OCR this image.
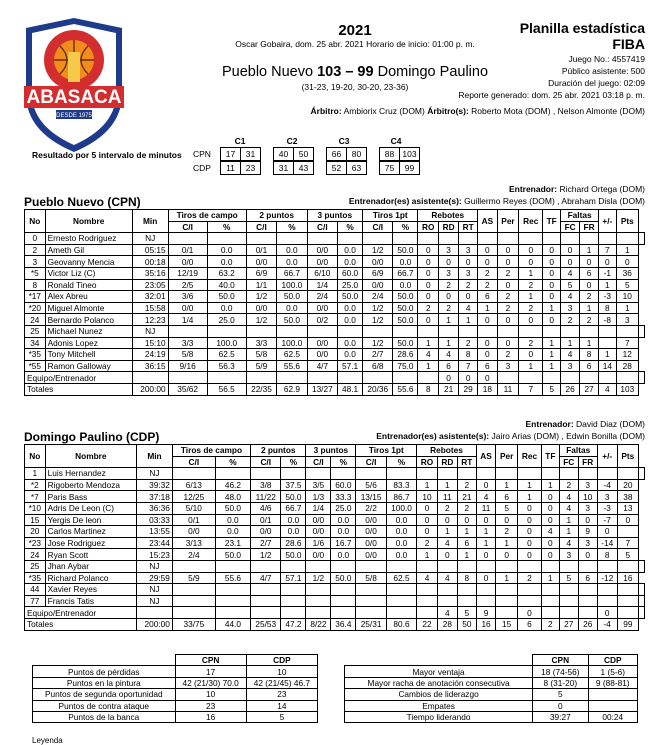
ABASACA
DESDE 1975
2021
Oscar Gobaira, dom. 25 abr. 2021 Horario de inicio: 01:00 p. m.
Planilla estadística
FIBA
Juego No.: 4557419
Público asistente: 500
Duración del juego: 02:09
Reporte generado: dom. 25 abr. 2021 03:18 p. m.
Pueblo Nuevo 103 – 99 Domingo Paulino
(31-23, 19-20, 30-20, 23-36)
Árbitro: Ambiorix Cruz (DOM) Árbitro(s): Roberto Mota (DOM) , Nelson Almonte (DOM)
Resultado por 5 intervalo de minutos
C1	C2	C3	C4
CPN
CDP
17	31	40	50	66	80	88 103
11	23	31	43	52	63	75	99
Entrenador: Richard Ortega (DOM)
Pueblo Nuevo (CPN)	Entrenador(es) asistente(s): Guillermo Reyes (DOM) , Abraham Disla (DOM)
No	Nombre	Min	Tiros de campo		2 puntos		3 puntos		Tiros 1pt		Rebotes			AS	Per	Rec	TF	Faltas		+/-	Pts	
			C/I	%	C/I	%	C/I	%	C/I	%	RO	RD	RT					FC	FR			
0	Ernesto Rodriguez	NJ																				
2	Ameth Gil	05:15	0/1	0.0	0/1	0.0	0/0	0.0	1/2	50.0	0	3	3	0	0	0	0	0	1	7	1	
3	Geovanny Mencia	00:18	0/0	0.0	0/0	0.0	0/0	0.0	0/0	0.0	0	0	0	0	0	0	0	0	0	0	0	
*5	Victor Liz (C)	35:16	12/19	63.2	6/9	66.7	6/10	60.0	6/9	66.7	0	3	3	2	2	1	0	4	6	-1	36	
8	Ronald Tineo	23:05	2/5	40.0	1/1	100.0	1/4	25.0	0/0	0.0	0	2	2	2	0	2	0	5	0	1	5	
*17	Alex Abreu	32:01	3/6	50.0	1/2	50.0	2/4	50.0	2/4	50.0	0	0	0	6	2	1	0	4	2	-3	10	
*20	Miguel Almonte	15:58	0/0	0.0	0/0	0.0	0/0	0.0	1/2	50.0	2	2	4	1	2	2	1	3	1	8	1	
24	Bernardo Polanco	12:23	1/4	25.0	1/2	50.0	0/2	0.0	1/2	50.0	0	1	1	0	0	0	0	2	2	-8	3	
25	Michael Nunez	NJ																				
34	Adonis Lopez	15:10	3/3	100.0	3/3	100.0	0/0	0.0	1/2	50.0	1	1	2	0	0	2	1	1	1		7	
*35	Tony Mitchell	24:19	5/8	62.5	5/8	62.5	0/0	0.0	2/7	28.6	4	4	8	0	2	0	1	4	8	1	12	
*55	Ramon Galloway	36:15	9/16	56.3	5/9	55.6	4/7	57.1	6/8	75.0	1	6	7	6	3	1	1	3	6	14	28	
Equipo/Entrenador												0	0	0								
Totales		200:00	35/62	56.5	22/35	62.9	13/27	48.1	20/36	55.6	8	21	29	18	11	7	5	26	27	4	103	
Entrenador: David Diaz (DOM)
Domingo Paulino (CDP)	Entrenador(es) asistente(s): Jairo Arias (DOM) , Edwin Bonilla (DOM)
No	Nombre	Min	Tiros de campo		2 puntos		3 puntos		Tiros 1pt		Rebotes			AS	Per	Rec	TF	Faltas		+/-	Pts	
			C/I	%	C/I	%	C/I	%	C/I	%	RO	RD	RT					FC	FR			
1	Luis Hernandez	NJ																				
*2	Rigoberto Mendoza	39:32	6/13	46.2	3/8	37.5	3/5	60.0	5/6	83.3	1	1	2	0	1	1	1	2	3	-4	20	
*7	Paris Bass	37:18	12/25	48.0	11/22	50.0	1/3	33.3	13/15	86.7	10	11	21	4	6	1	0	4	10	3	38	
*10	Adris De Leon (C)	36:36	5/10	50.0	4/6	66.7	1/4	25.0	2/2	100.0	0	2	2	11	5	0	0	4	3	-3	13	
15	Yergis De leon	03:33	0/1	0.0	0/1	0.0	0/0	0.0	0/0	0.0	0	0	0	0	0	0	0	1	0	-7	0	
20	Carlos Martinez	13:55	0/0	0.0	0/0	0.0	0/0	0.0	0/0	0.0	0	1	1	1	2	0	4	1	9	0		
*23	Jose Rodriguez	23:44	3/13	23.1	2/7	28.6	1/6	16.7	0/0	0.0	2	4	6	1	1	0	0	4	3	-14	7	
24	Ryan Scott	15:23	2/4	50.0	1/2	50.0	0/0	0.0	0/0	0.0	1	0	1	0	0	0	0	3	0	8	5	
25	Jhan Aybar	NJ																				
*35	Richard Polanco	29:59	5/9	55.6	4/7	57.1	1/2	50.0	5/8	62.5	4	4	8	0	1	2	1	5	6	-12	16	
44	Xavier Reyes	NJ																				
77	Francis Tatis	NJ																				
Equipo/Entrenador												4	5	9		0				0		
Totales		200:00	33/75	44.0	25/53	47.2	8/22	36.4	25/31	80.6	22	28	50	16	15	6	2	27	26	-4	99	
	CPN	CDP
Puntos de pérdidas	17	10
Puntos en la pintura	42 (21/30) 70.0	42 (21/45) 46.7
Puntos de segunda oportunidad	10	23
Puntos de contra ataque	23	14
Puntos de la banca	16	5
	CPN	CDP
Mayor ventaja	18 (74-56)	1 (5-6)
Mayor racha de anotación consecutiva	8 (31-20)	9 (88-81)
Cambios de liderazgo	5	
Empates	0	
Tiempo liderando	39:27	00:24
Leyenda
